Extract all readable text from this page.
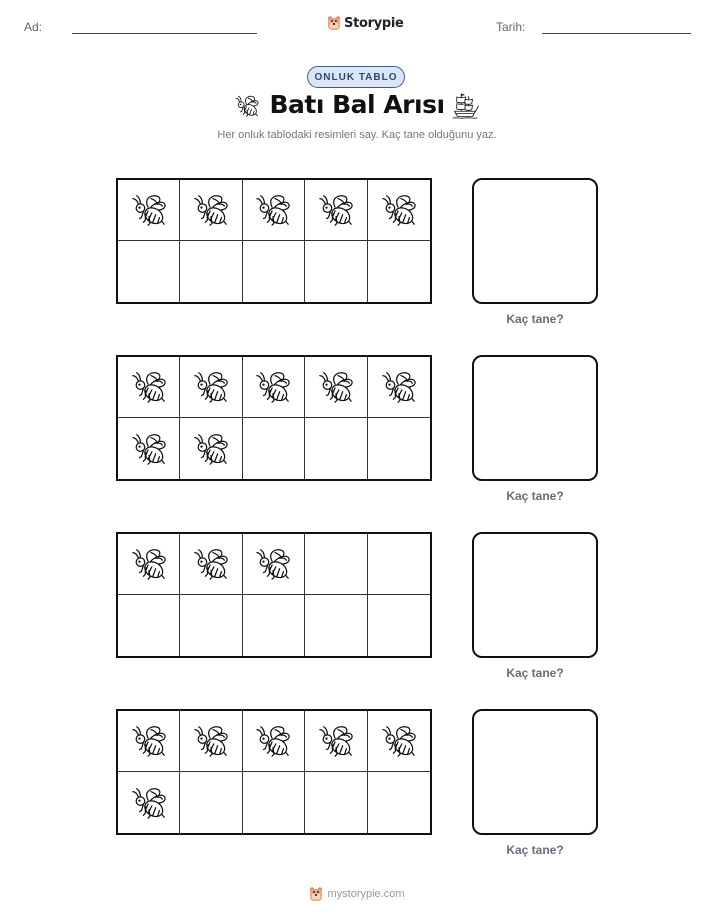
Ad:	Storypie	Tarih:
ONLUK TABLO
Batı Bal Arısı
Her onluk tablodaki resimleri say. Kaç tane olduğunu yaz.
Kaç tane?
Kaç tane?
Kaç tane?
Kaç tane?
mystorypie.com
